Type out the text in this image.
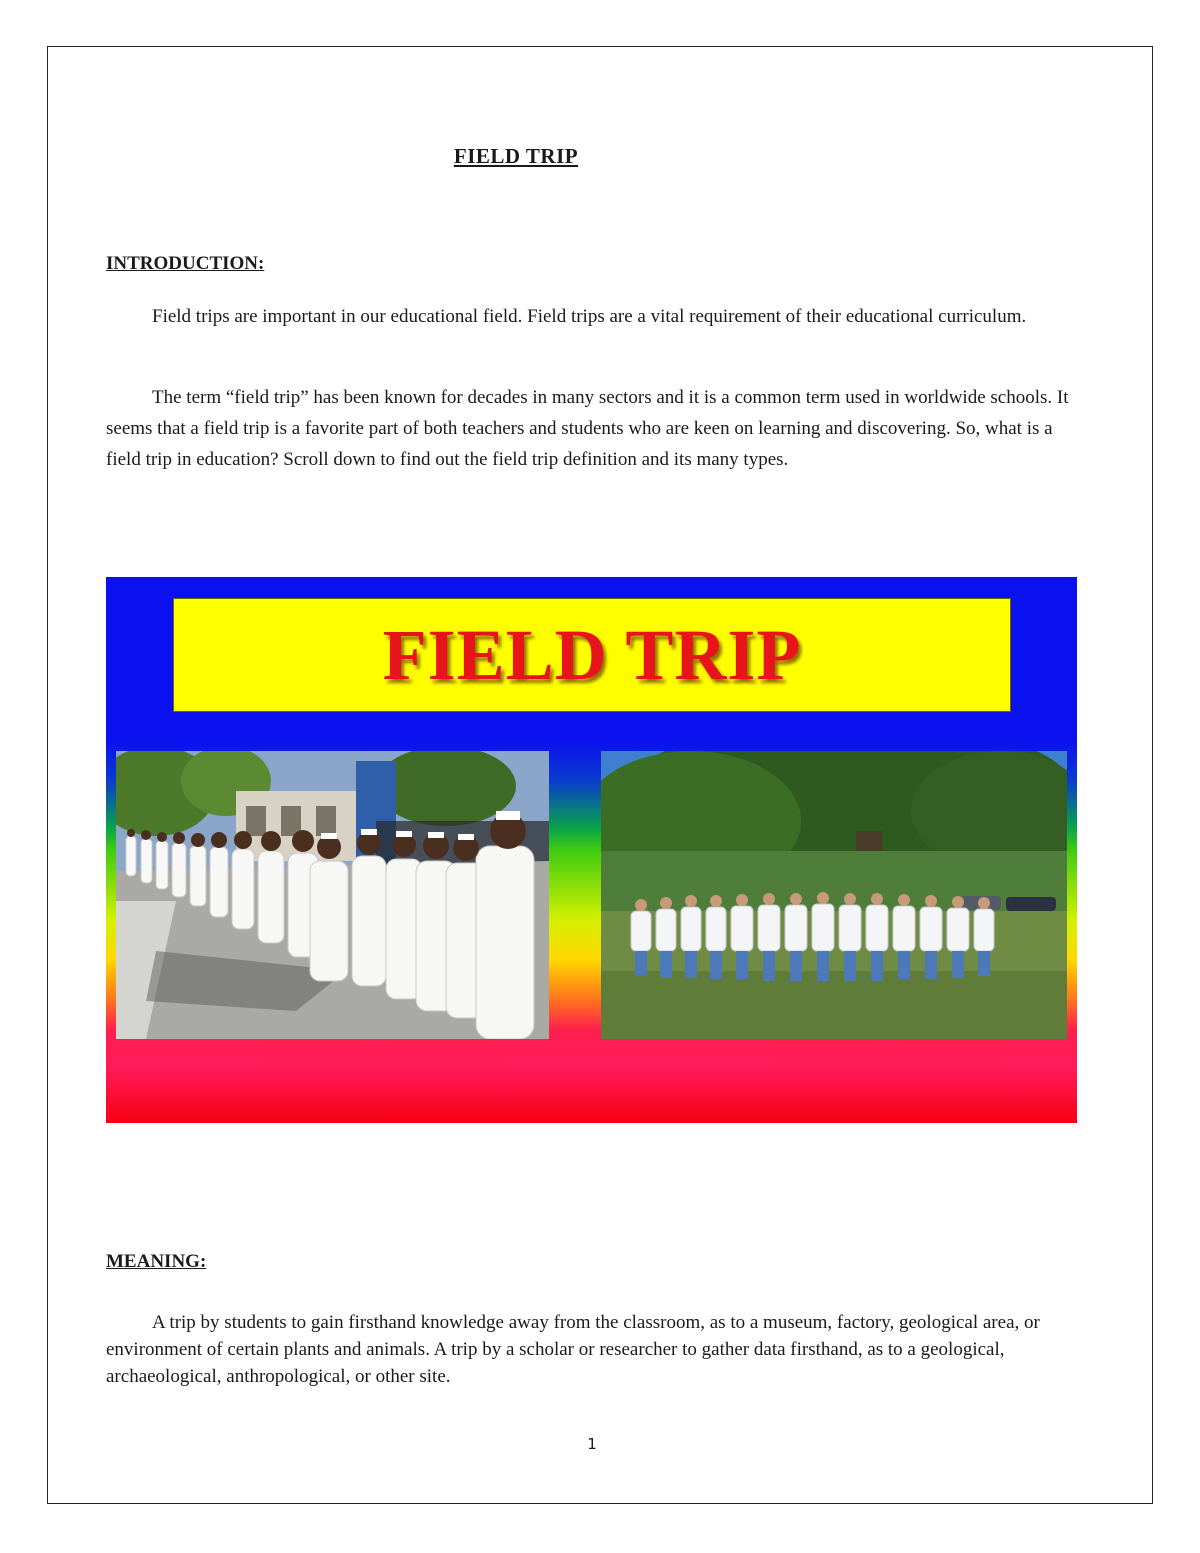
FIELD TRIP
INTRODUCTION:

Field trips are important in our educational field. Field trips are a vital requirement of their educational curriculum.

The term “field trip” has been known for decades in many sectors and it is a common term used in worldwide schools. It seems that a field trip is a favorite part of both teachers and students who are keen on learning and discovering. So, what is a field trip in education? Scroll down to find out the field trip definition and its many types.

FIELD TRIP
MEANING:

A trip by students to gain firsthand knowledge away from the classroom, as to a museum, factory, geological area, or environment of certain plants and animals. A trip by a scholar or researcher to gather data firsthand, as to a geological, archaeological, anthropological, or other site.

1
